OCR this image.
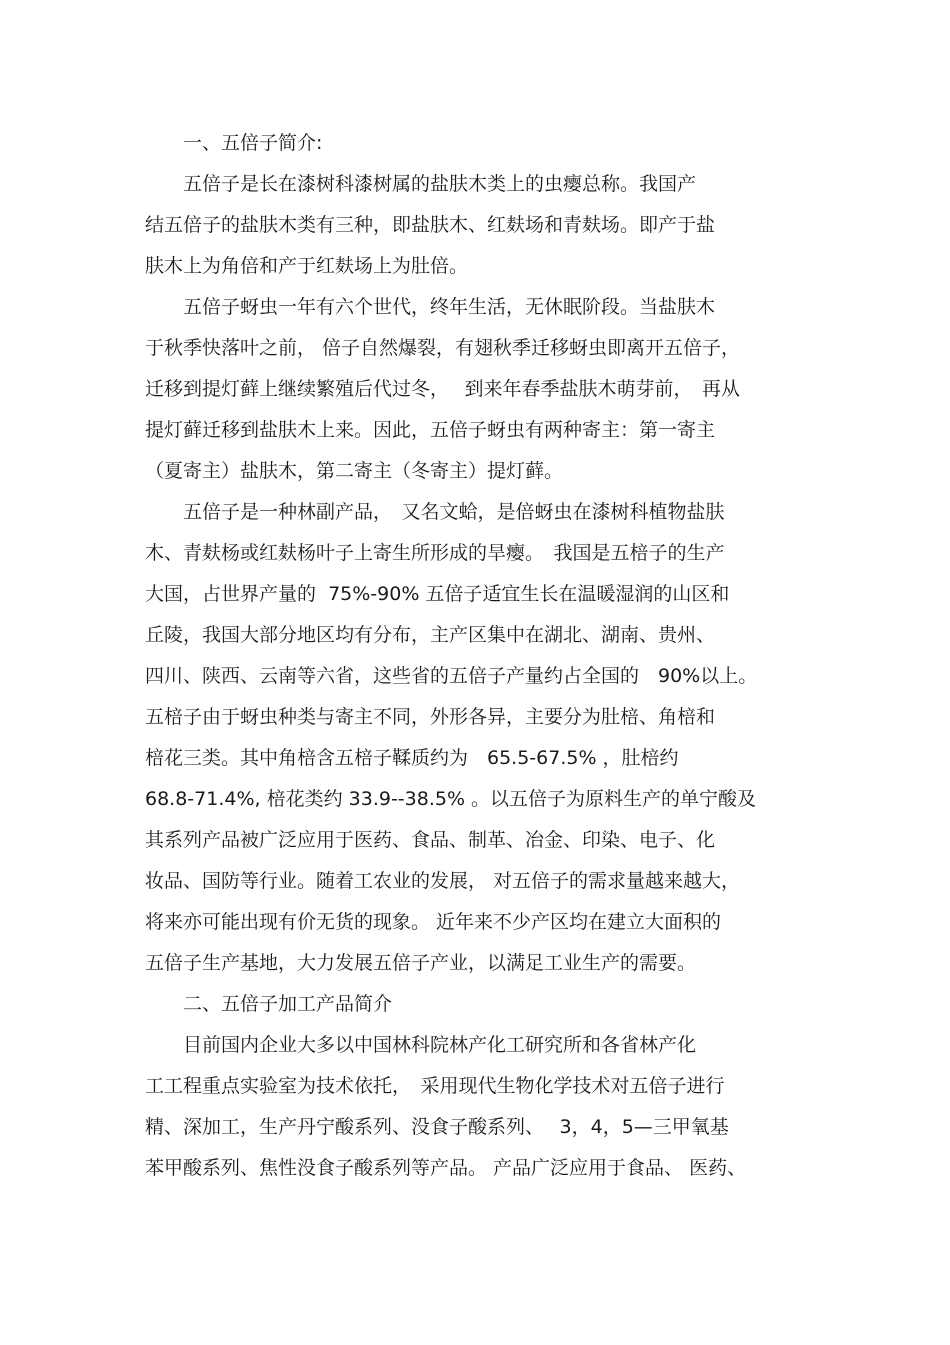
　　一、五倍子简介:
　　五倍子是长在漆树科漆树属的盐肤木类上的虫瘿总称。我国产
结五倍子的盐肤木类有三种，即盐肤木、红麸场和青麸场。即产于盐
肤木上为角倍和产于红麸场上为肚倍。
　　五倍子蚜虫一年有六个世代，终年生活，无休眠阶段。当盐肤木
于秋季快落叶之前， 倍子自然爆裂，有翅秋季迁移蚜虫即离开五倍子，
迁移到提灯藓上继续繁殖后代过冬，　 到来年春季盐肤木萌芽前，　再从
提灯藓迁移到盐肤木上来。因此，五倍子蚜虫有两种寄主：第一寄主
（夏寄主）盐肤木，第二寄主（冬寄主）提灯藓。
　　五倍子是一种林副产品，　又名文蛤，是倍蚜虫在漆树科植物盐肤
木、青麸杨或红麸杨叶子上寄生所形成的旱瘿。　我国是五棓子的生产
大国，占世界产量的  75%-90% 五倍子适宜生长在温暖湿润的山区和
丘陵，我国大部分地区均有分布，主产区集中在湖北、湖南、贵州、
四川、陕西、云南等六省，这些省的五倍子产量约占全国的　90%以上。
五棓子由于蚜虫种类与寄主不同，外形各异，主要分为肚棓、角棓和
棓花三类。其中角棓含五棓子鞣质约为　65.5-67.5% ，肚棓约
68.8-71.4%, 棓花类约 33.9--38.5% 。以五倍子为原料生产的单宁酸及
其系列产品被广泛应用于医药、食品、制革、冶金、印染、电子、化
妆品、国防等行业。随着工农业的发展， 对五倍子的需求量越来越大，
将来亦可能出现有价无货的现象。 近年来不少产区均在建立大面积的
五倍子生产基地，大力发展五倍子产业，以满足工业生产的需要。
　　二、五倍子加工产品简介
　　目前国内企业大多以中国林科院林产化工研究所和各省林产化
工工程重点实验室为技术依托，　采用现代生物化学技术对五倍子进行
精、深加工，生产丹宁酸系列、没食子酸系列、　 3，4，5—三甲氧基
苯甲酸系列、焦性没食子酸系列等产品。 产品广泛应用于食品、 医药、
